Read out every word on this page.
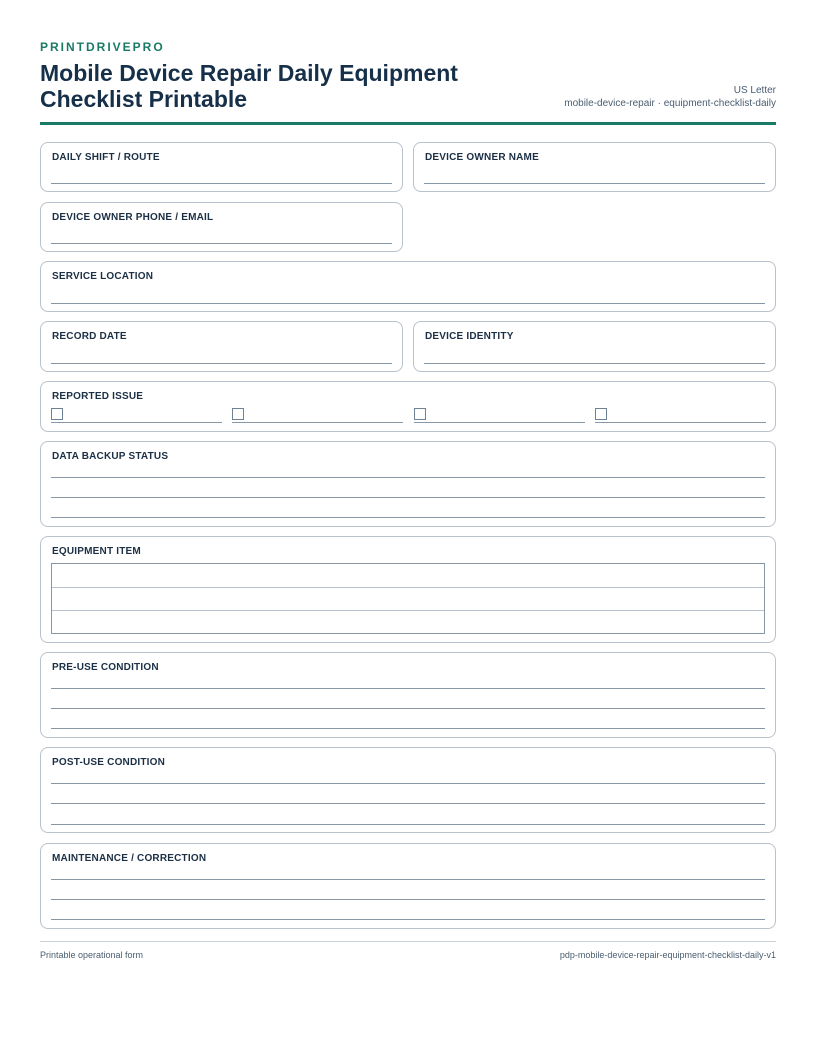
PRINTDRIVEPRO
Mobile Device Repair Daily Equipment Checklist Printable	US Letter
mobile-device-repair · equipment-checklist-daily
DAILY SHIFT / ROUTE	DEVICE OWNER NAME
DEVICE OWNER PHONE / EMAIL
SERVICE LOCATION
RECORD DATE	DEVICE IDENTITY
REPORTED ISSUE
DATA BACKUP STATUS
EQUIPMENT ITEM
PRE-USE CONDITION
POST-USE CONDITION
MAINTENANCE / CORRECTION
Printable operational form	pdp-mobile-device-repair-equipment-checklist-daily-v1
